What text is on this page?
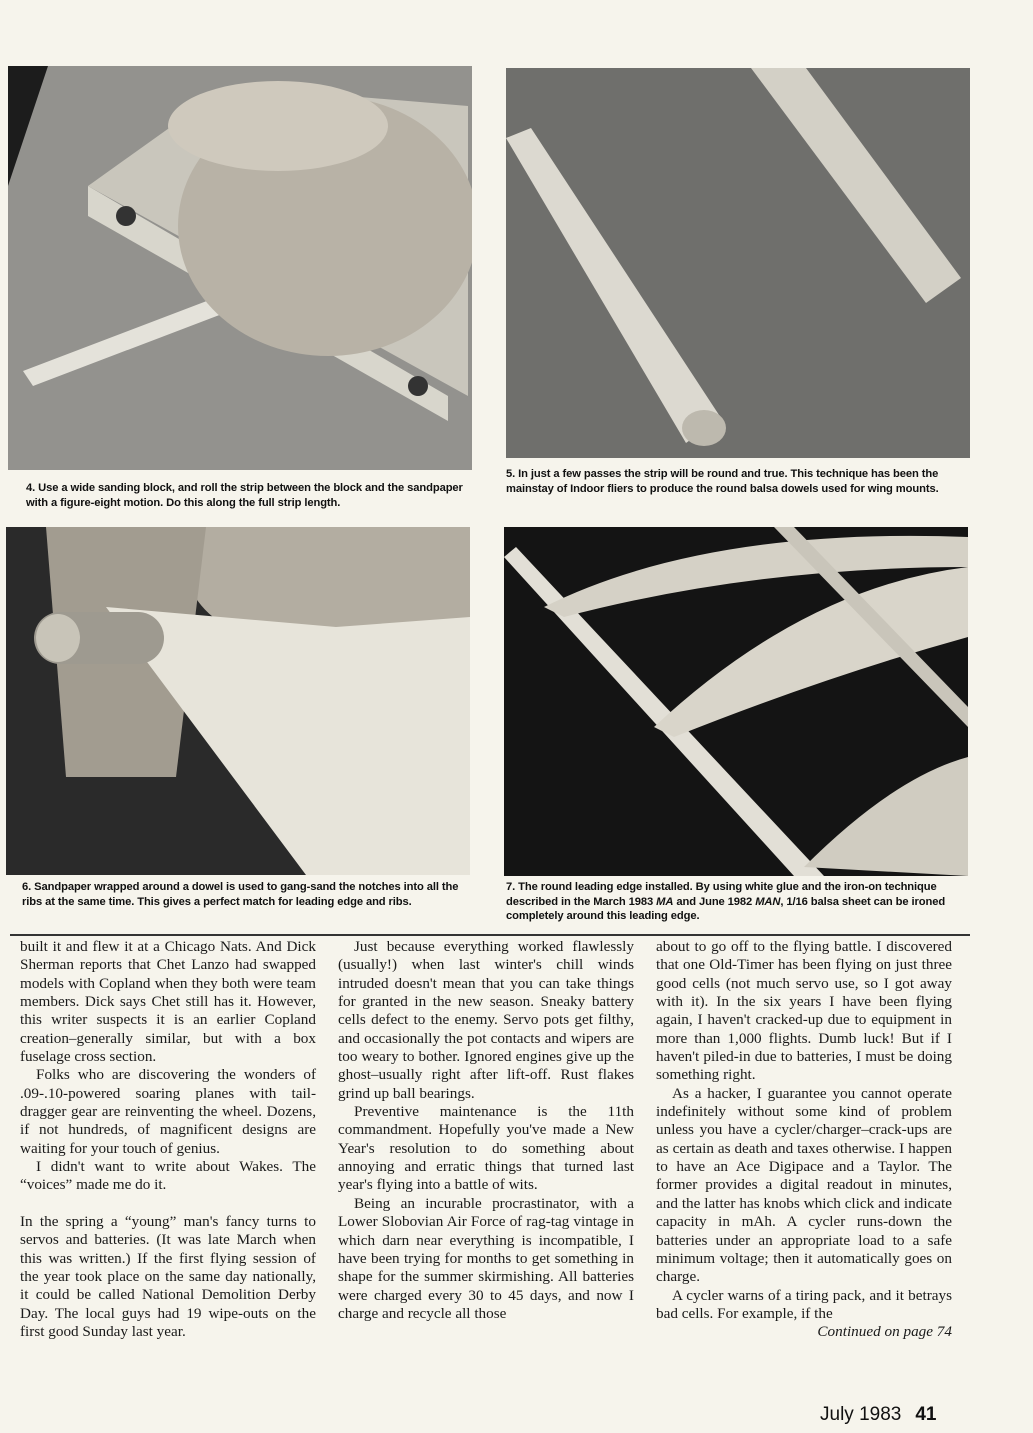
4. Use a wide sanding block, and roll the strip between the block and the sandpaper with a figure-eight motion. Do this along the full strip length.
5. In just a few passes the strip will be round and true. This technique has been the mainstay of Indoor fliers to produce the round balsa dowels used for wing mounts.
6. Sandpaper wrapped around a dowel is used to gang-sand the notches into all the ribs at the same time. This gives a perfect match for leading edge and ribs.
7. The round leading edge installed. By using white glue and the iron-on technique described in the March 1983 MA and June 1982 MAN, 1/16 balsa sheet can be ironed completely around this leading edge.

built it and flew it at a Chicago Nats. And Dick Sherman reports that Chet Lanzo had swapped models with Copland when they both were team members. Dick says Chet still has it. However, this writer suspects it is an earlier Copland creation–generally similar, but with a box fuselage cross section.

Folks who are discovering the wonders of .09-.10-powered soaring planes with tail-dragger gear are reinventing the wheel. Dozens, if not hundreds, of magnificent designs are waiting for your touch of genius.

I didn't want to write about Wakes. The “voices” made me do it.

In the spring a “young” man's fancy turns to servos and batteries. (It was late March when this was written.) If the first flying session of the year took place on the same day nationally, it could be called National Demolition Derby Day. The local guys had 19 wipe-outs on the first good Sunday last year.

Just because everything worked flawlessly (usually!) when last winter's chill winds intruded doesn't mean that you can take things for granted in the new season. Sneaky battery cells defect to the enemy. Servo pots get filthy, and occasionally the pot contacts and wipers are too weary to bother. Ignored engines give up the ghost–usually right after lift-off. Rust flakes grind up ball bearings.

Preventive maintenance is the 11th commandment. Hopefully you've made a New Year's resolution to do something about annoying and erratic things that turned last year's flying into a battle of wits.

Being an incurable procrastinator, with a Lower Slobovian Air Force of rag-tag vintage in which darn near everything is incompatible, I have been trying for months to get something in shape for the summer skirmishing. All batteries were charged every 30 to 45 days, and now I charge and recycle all those

about to go off to the flying battle. I discovered that one Old-Timer has been flying on just three good cells (not much servo use, so I got away with it). In the six years I have been flying again, I haven't cracked-up due to equipment in more than 1,000 flights. Dumb luck! But if I haven't piled-in due to batteries, I must be doing something right.

As a hacker, I guarantee you cannot operate indefinitely without some kind of problem unless you have a cycler/charger–crack-ups are as certain as death and taxes otherwise. I happen to have an Ace Digipace and a Taylor. The former provides a digital readout in minutes, and the latter has knobs which click and indicate capacity in mAh. A cycler runs-down the batteries under an appropriate load to a safe minimum voltage; then it automatically goes on charge.

A cycler warns of a tiring pack, and it betrays bad cells. For example, if the

Continued on page 74
July 1983 41
